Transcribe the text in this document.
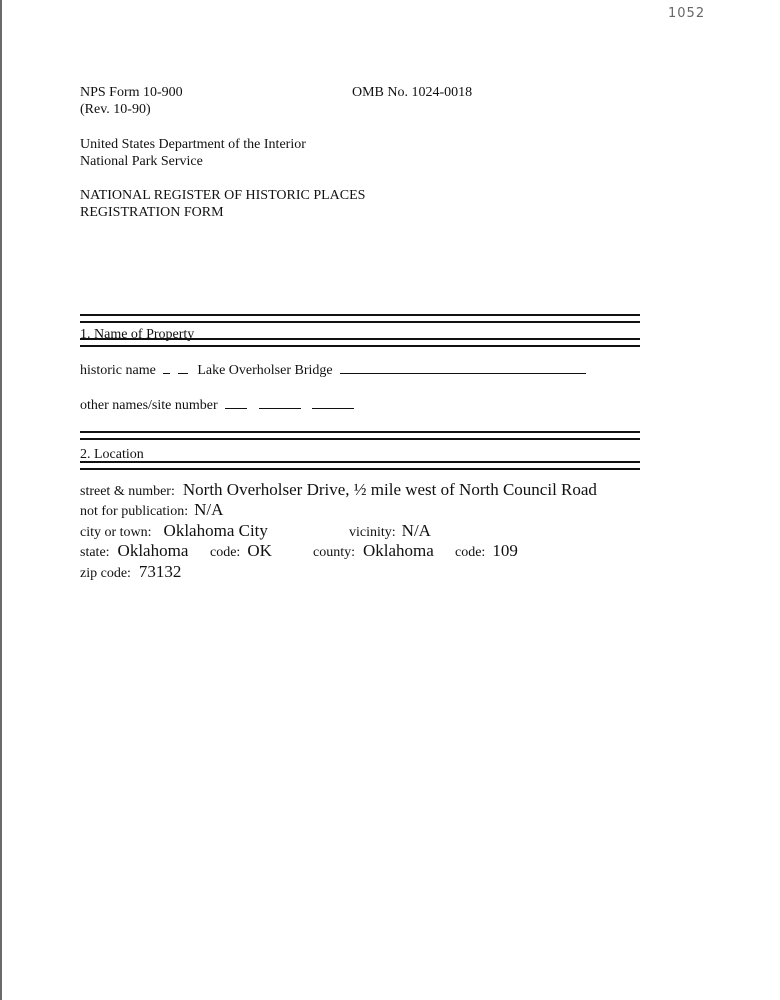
1052
NPS Form 10-900
(Rev. 10-90)
OMB No. 1024-0018
United States Department of the Interior
National Park Service
NATIONAL REGISTER OF HISTORIC PLACES
REGISTRATION FORM
1. Name of Property
historic name	Lake Overholser Bridge
other names/site number
2. Location
street & number: North Overholser Drive, ½ mile west of North Council Road
not for publication: N/A
city or town: Oklahoma City	vicinity: N/A
state: Oklahoma code: OK	county: Oklahoma code: 109
zip code: 73132
